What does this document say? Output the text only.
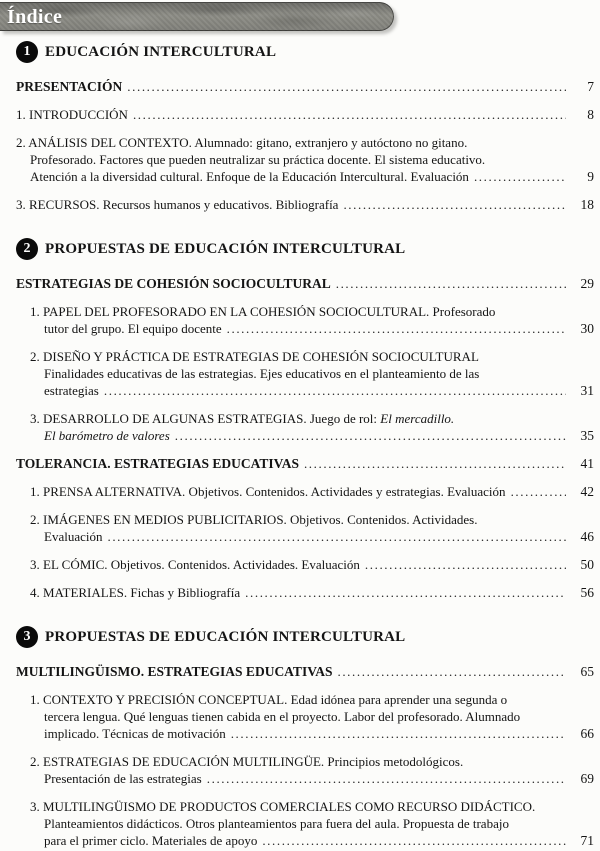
Índice
1 EDUCACIÓN INTERCULTURAL
PRESENTACIÓN .....	7
1. INTRODUCCIÓN .....	8
2. ANÁLISIS DEL CONTEXTO. Alumnado: gitano, extranjero y autóctono no gitano.
Profesorado. Factores que pueden neutralizar su práctica docente. El sistema educativo.
Atención a la diversidad cultural. Enfoque de la Educación Intercultural. Evaluación .....	9
3. RECURSOS. Recursos humanos y educativos. Bibliografía .....	18
2 PROPUESTAS DE EDUCACIÓN INTERCULTURAL
ESTRATEGIAS DE COHESIÓN SOCIOCULTURAL .....	29
1. PAPEL DEL PROFESORADO EN LA COHESIÓN SOCIOCULTURAL. Profesorado
tutor del grupo. El equipo docente .....	30
2. DISEÑO Y PRÁCTICA DE ESTRATEGIAS DE COHESIÓN SOCIOCULTURAL
Finalidades educativas de las estrategias. Ejes educativos en el planteamiento de las
estrategias .....	31
3. DESARROLLO DE ALGUNAS ESTRATEGIAS. Juego de rol: El mercadillo.
El barómetro de valores .....	35
TOLERANCIA. ESTRATEGIAS EDUCATIVAS .....	41
1. PRENSA ALTERNATIVA. Objetivos. Contenidos. Actividades y estrategias. Evaluación .....	42
2. IMÁGENES EN MEDIOS PUBLICITARIOS. Objetivos. Contenidos. Actividades.
Evaluación .....	46
3. EL CÓMIC. Objetivos. Contenidos. Actividades. Evaluación .....	50
4. MATERIALES. Fichas y Bibliografía .....	56
3 PROPUESTAS DE EDUCACIÓN INTERCULTURAL
MULTILINGÜISMO. ESTRATEGIAS EDUCATIVAS .....	65
1. CONTEXTO Y PRECISIÓN CONCEPTUAL. Edad idónea para aprender una segunda o
tercera lengua. Qué lenguas tienen cabida en el proyecto. Labor del profesorado. Alumnado
implicado. Técnicas de motivación .....	66
2. ESTRATEGIAS DE EDUCACIÓN MULTILINGÜE. Principios metodológicos.
Presentación de las estrategias .....	69
3. MULTILINGÜISMO DE PRODUCTOS COMERCIALES COMO RECURSO DIDÁCTICO.
Planteamientos didácticos. Otros planteamientos para fuera del aula. Propuesta de trabajo
para el primer ciclo. Materiales de apoyo .....	71
